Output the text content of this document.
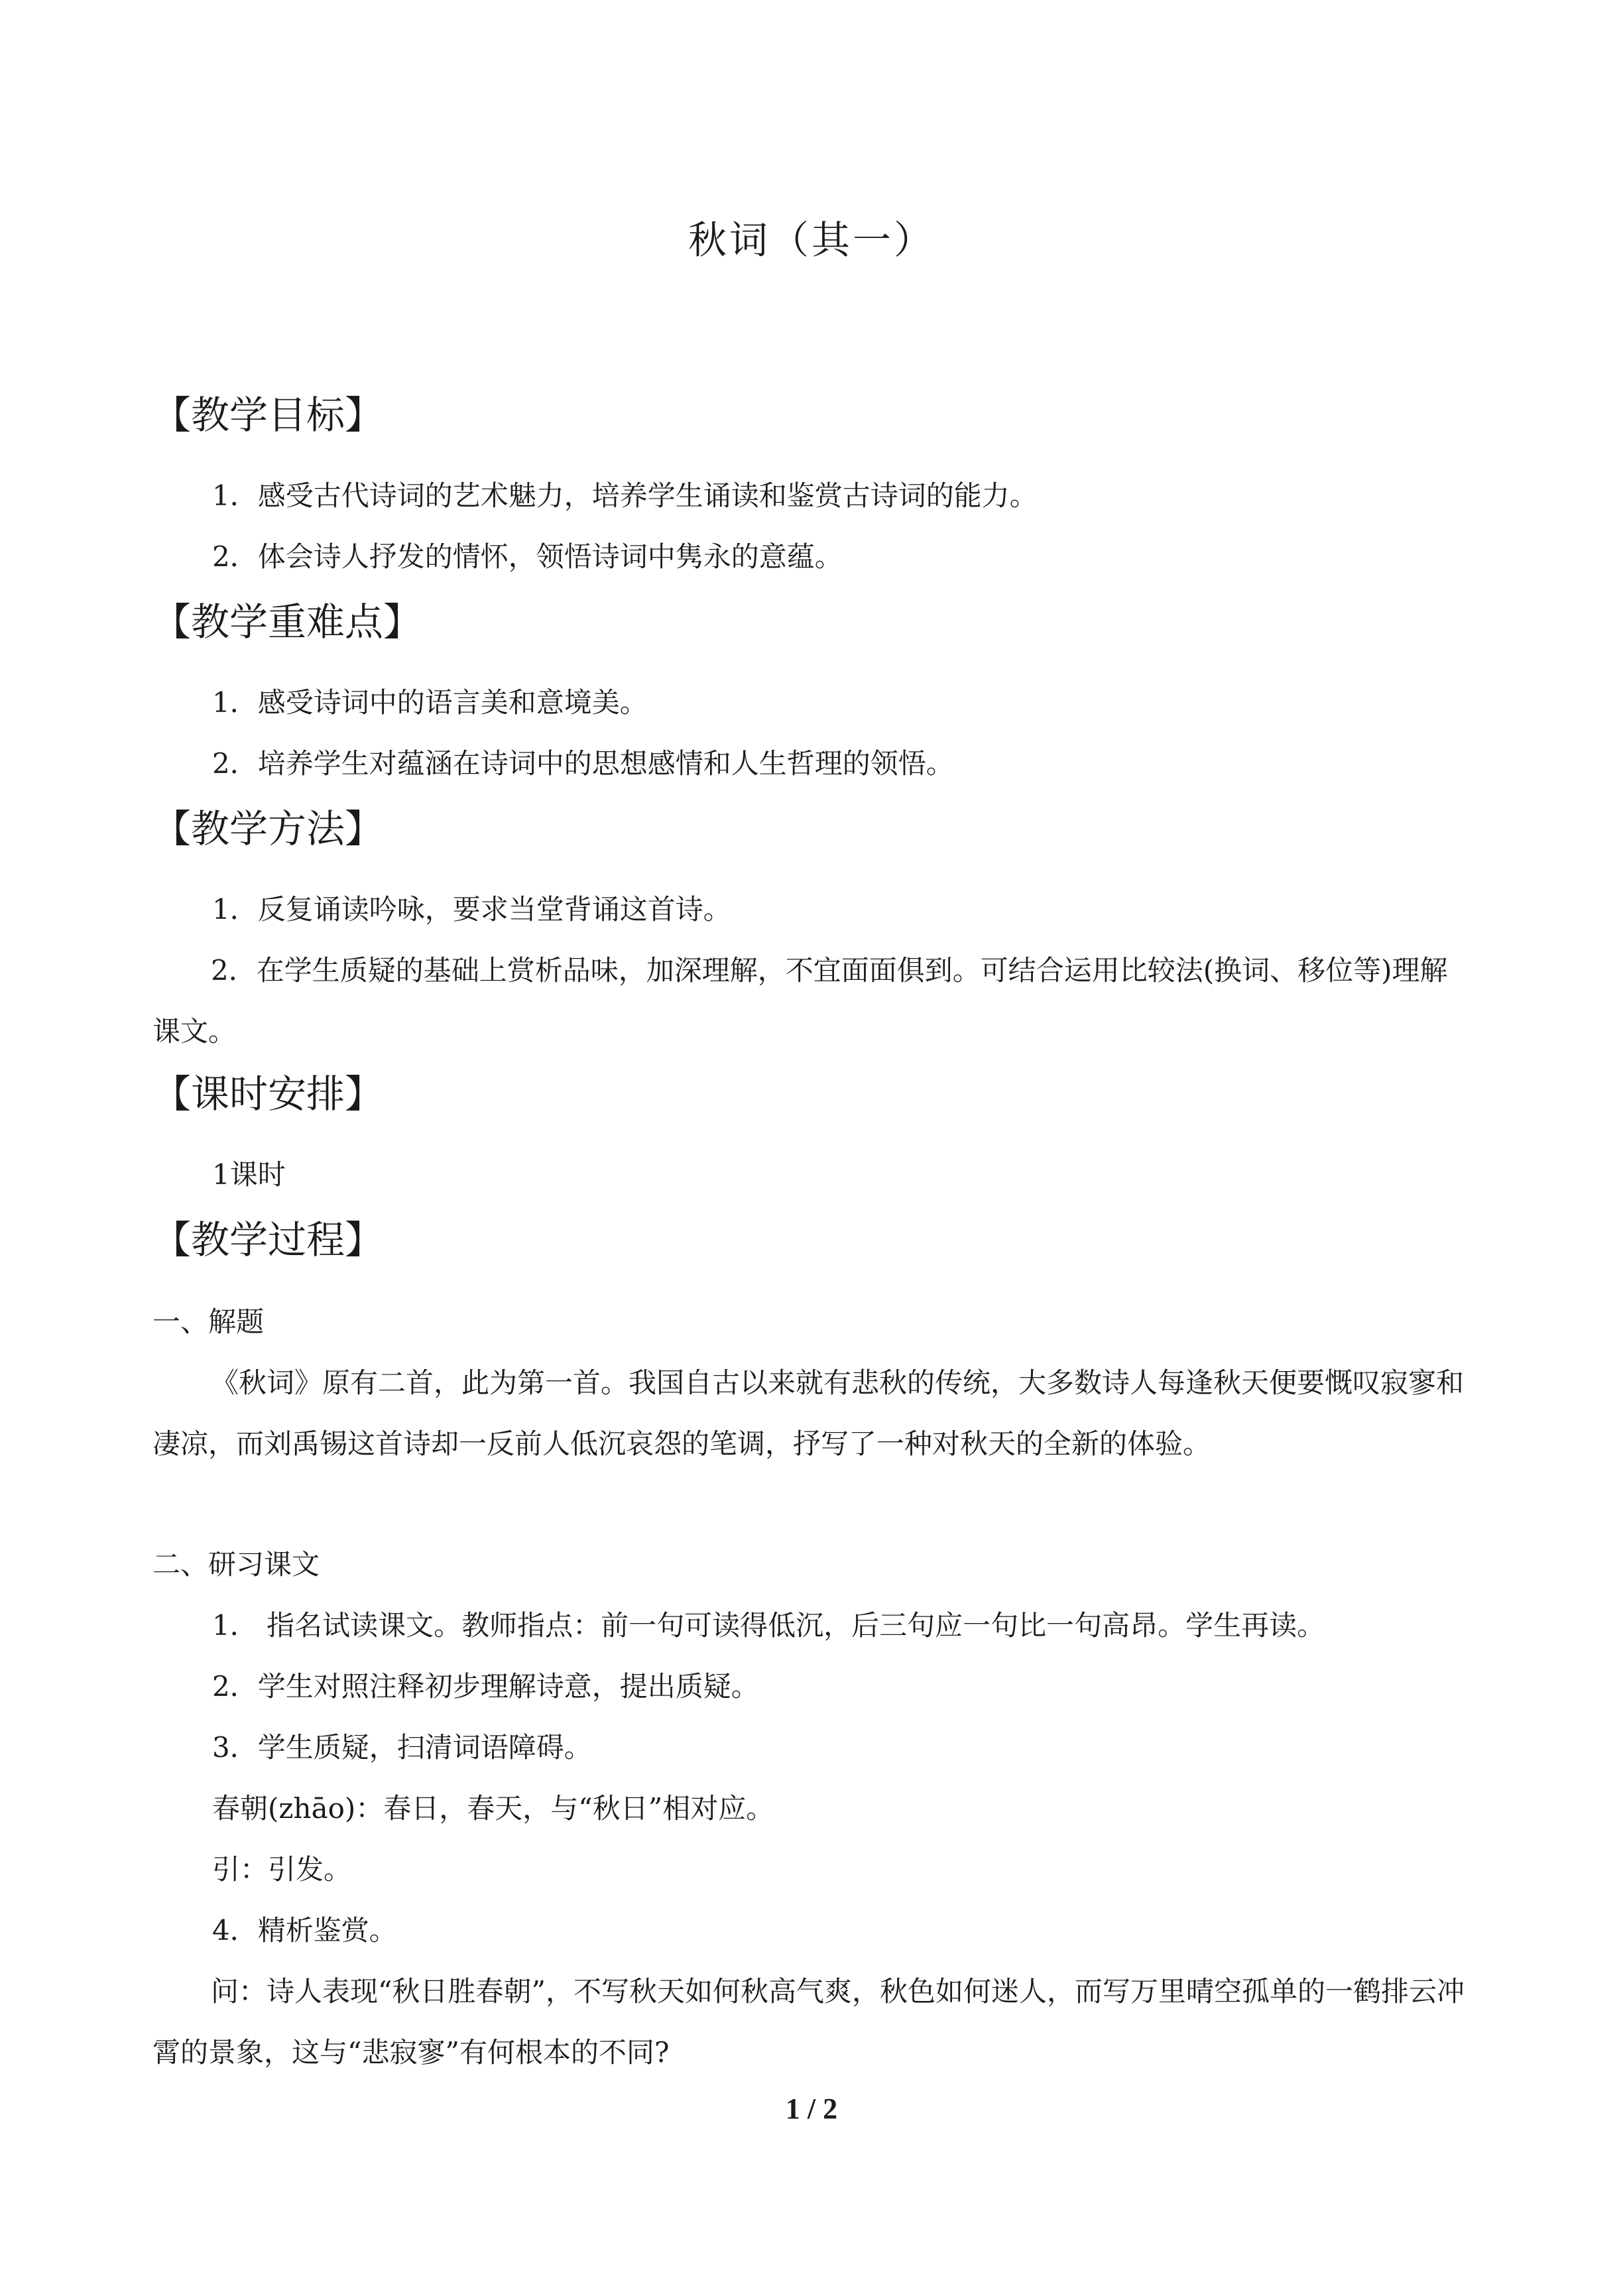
秋词（其一）
【教学目标】
1．感受古代诗词的艺术魅力，培养学生诵读和鉴赏古诗词的能力。
2．体会诗人抒发的情怀，领悟诗词中隽永的意蕴。
【教学重难点】
1．感受诗词中的语言美和意境美。
2．培养学生对蕴涵在诗词中的思想感情和人生哲理的领悟。
【教学方法】
1．反复诵读吟咏，要求当堂背诵这首诗。
2．在学生质疑的基础上赏析品味，加深理解，不宜面面俱到。可结合运用比较法(换词、移位等)理解课文。
【课时安排】
1课时
【教学过程】
一、解题
《秋词》原有二首，此为第一首。我国自古以来就有悲秋的传统，大多数诗人每逢秋天便要慨叹寂寥和凄凉，而刘禹锡这首诗却一反前人低沉哀怨的笔调，抒写了一种对秋天的全新的体验。
二、研习课文
1． 指名试读课文。教师指点：前一句可读得低沉，后三句应一句比一句高昂。学生再读。
2．学生对照注释初步理解诗意，提出质疑。
3．学生质疑，扫清词语障碍。
春朝(zhāo)：春日，春天，与“秋日”相对应。
引：引发。
4．精析鉴赏。
问：诗人表现“秋日胜春朝”，不写秋天如何秋高气爽，秋色如何迷人，而写万里晴空孤单的一鹤排云冲霄的景象，这与“悲寂寥”有何根本的不同?
1 / 2
